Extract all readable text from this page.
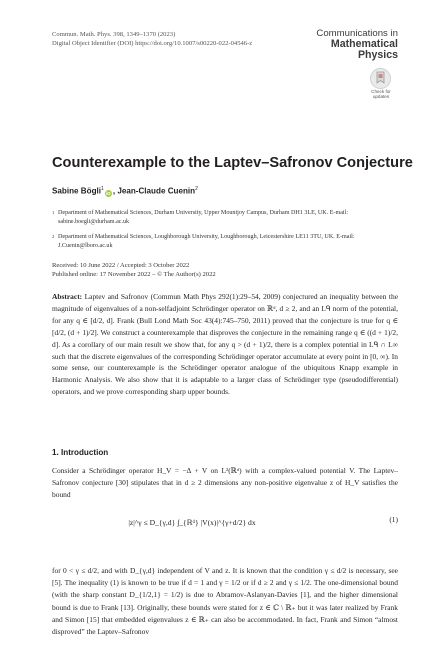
Commun. Math. Phys. 398, 1349–1370 (2023)
Digital Object Identifier (DOI) https://doi.org/10.1007/s00220-022-04546-z
Communications in
Mathematical
Physics
Check for
updates
Counterexample to the Laptev–Safronov Conjecture
Sabine Bögli$^1$iD , Jean-Claude Cuenin$^2$
1 Department of Mathematical Sciences, Durham University, Upper Mountjoy Campus, Durham DH1 3LE, UK. E-mail: sabine.boegli@durham.ac.uk
2 Department of Mathematical Sciences, Loughborough University, Loughborough, Leicestershire LE11 3TU, UK. E-mail: J.Cuenin@lboro.ac.uk
Received: 10 June 2022 / Accepted: 3 October 2022
Published online: 17 November 2022 – © The Author(s) 2022
Abstract: Laptev and Safronov (Commun Math Phys 292(1):29–54, 2009) conjectured an inequality between the magnitude of eigenvalues of a non-selfadjoint Schrödinger operator on ℝᵈ, d ≥ 2, and an Lᑫ norm of the potential, for any q ∈ [d/2, d]. Frank (Bull Lond Math Soc 43(4):745–750, 2011) proved that the conjecture is true for q ∈ [d/2, (d + 1)/2]. We construct a counterexample that disproves the conjecture in the remaining range q ∈ ((d + 1)/2, d]. As a corollary of our main result we show that, for any q > (d + 1)/2, there is a complex potential in Lᑫ ∩ L∞ such that the discrete eigenvalues of the corresponding Schrödinger operator accumulate at every point in [0, ∞). In some sense, our counterexample is the Schrödinger operator analogue of the ubiquitous Knapp example in Harmonic Analysis. We also show that it is adaptable to a larger class of Schrödinger type (pseudodifferential) operators, and we prove corresponding sharp upper bounds.
1. Introduction
Consider a Schrödinger operator H_V = −Δ + V on L²(ℝᵈ) with a complex-valued potential V. The Laptev–Safronov conjecture [30] stipulates that in d ≥ 2 dimensions any non-positive eigenvalue z of H_V satisfies the bound
|z|^γ ≤ D_{γ,d} ∫_{ℝᵈ} |V(x)|^{γ+d/2} dx	(1)
for 0 < γ ≤ d/2, and with D_{γ,d} independent of V and z. It is known that the condition γ ≤ d/2 is necessary, see [5]. The inequality (1) is known to be true if d = 1 and γ = 1/2 or if d ≥ 2 and γ ≤ 1/2. The one-dimensional bound (with the sharp constant D_{1/2,1} = 1/2) is due to Abramov-Aslanyan-Davies [1], and the higher dimensional bound is due to Frank [13]. Originally, these bounds were stated for z ∈ ℂ \ ℝ₊ but it was later realized by Frank and Simon [15] that embedded eigenvalues z ∈ ℝ₊ can also be accommodated. In fact, Frank and Simon “almost disproved” the Laptev–Safronov
